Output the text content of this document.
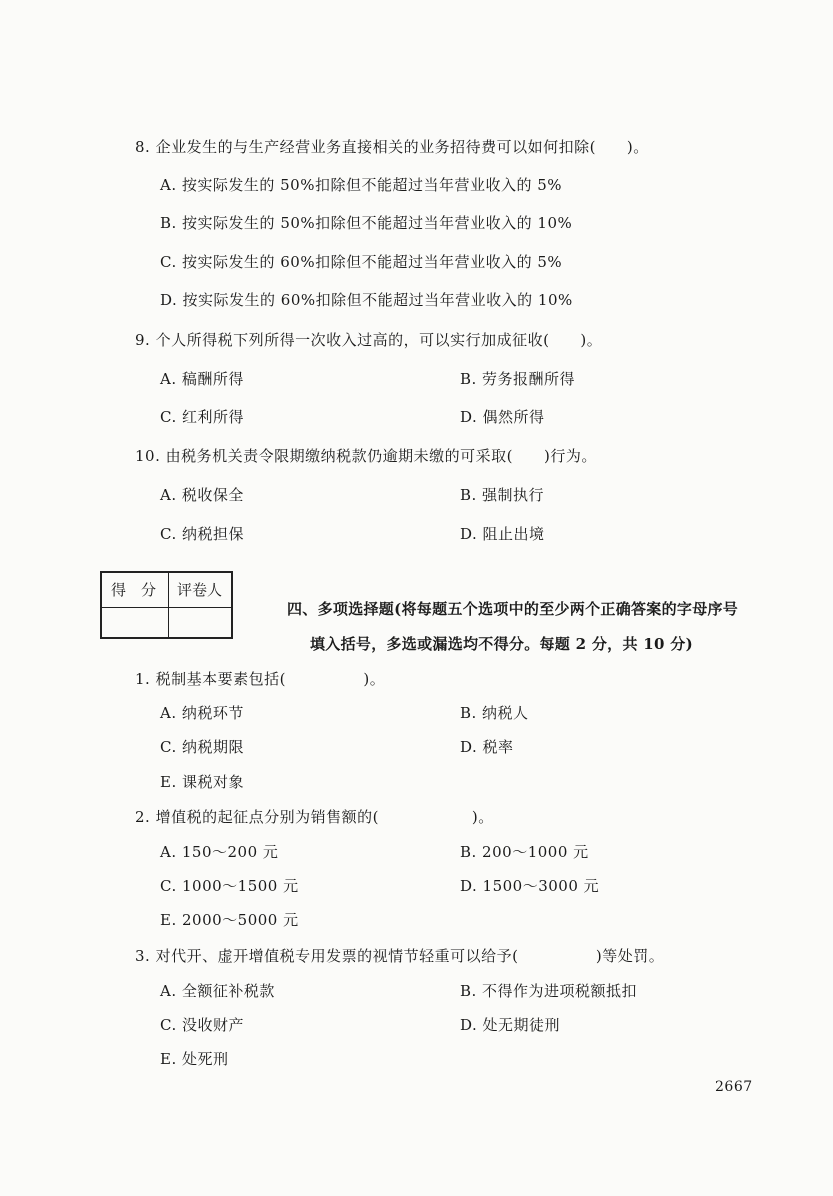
8. 企业发生的与生产经营业务直接相关的业务招待费可以如何扣除(　　)。
A. 按实际发生的 50%扣除但不能超过当年营业收入的 5%
B. 按实际发生的 50%扣除但不能超过当年营业收入的 10%
C. 按实际发生的 60%扣除但不能超过当年营业收入的 5%
D. 按实际发生的 60%扣除但不能超过当年营业收入的 10%
9. 个人所得税下列所得一次收入过高的，可以实行加成征收(　　)。
A. 稿酬所得	B. 劳务报酬所得
C. 红利所得	D. 偶然所得
10. 由税务机关责令限期缴纳税款仍逾期未缴的可采取(　　)行为。
A. 税收保全	B. 强制执行
C. 纳税担保	D. 阻止出境
得　分 评卷人
四、多项选择题(将每题五个选项中的至少两个正确答案的字母序号
填入括号，多选或漏选均不得分。每题 2 分，共 10 分)
1. 税制基本要素包括(　　　　　)。
A. 纳税环节	B. 纳税人
C. 纳税期限	D. 税率
E. 课税对象
2. 增值税的起征点分别为销售额的(　　　　　　)。
A. 150～200 元	B. 200～1000 元
C. 1000～1500 元	D. 1500～3000 元
E. 2000～5000 元
3. 对代开、虚开增值税专用发票的视情节轻重可以给予(　　　　　)等处罚。
A. 全额征补税款	B. 不得作为进项税额抵扣
C. 没收财产	D. 处无期徒刑
E. 处死刑
2667
